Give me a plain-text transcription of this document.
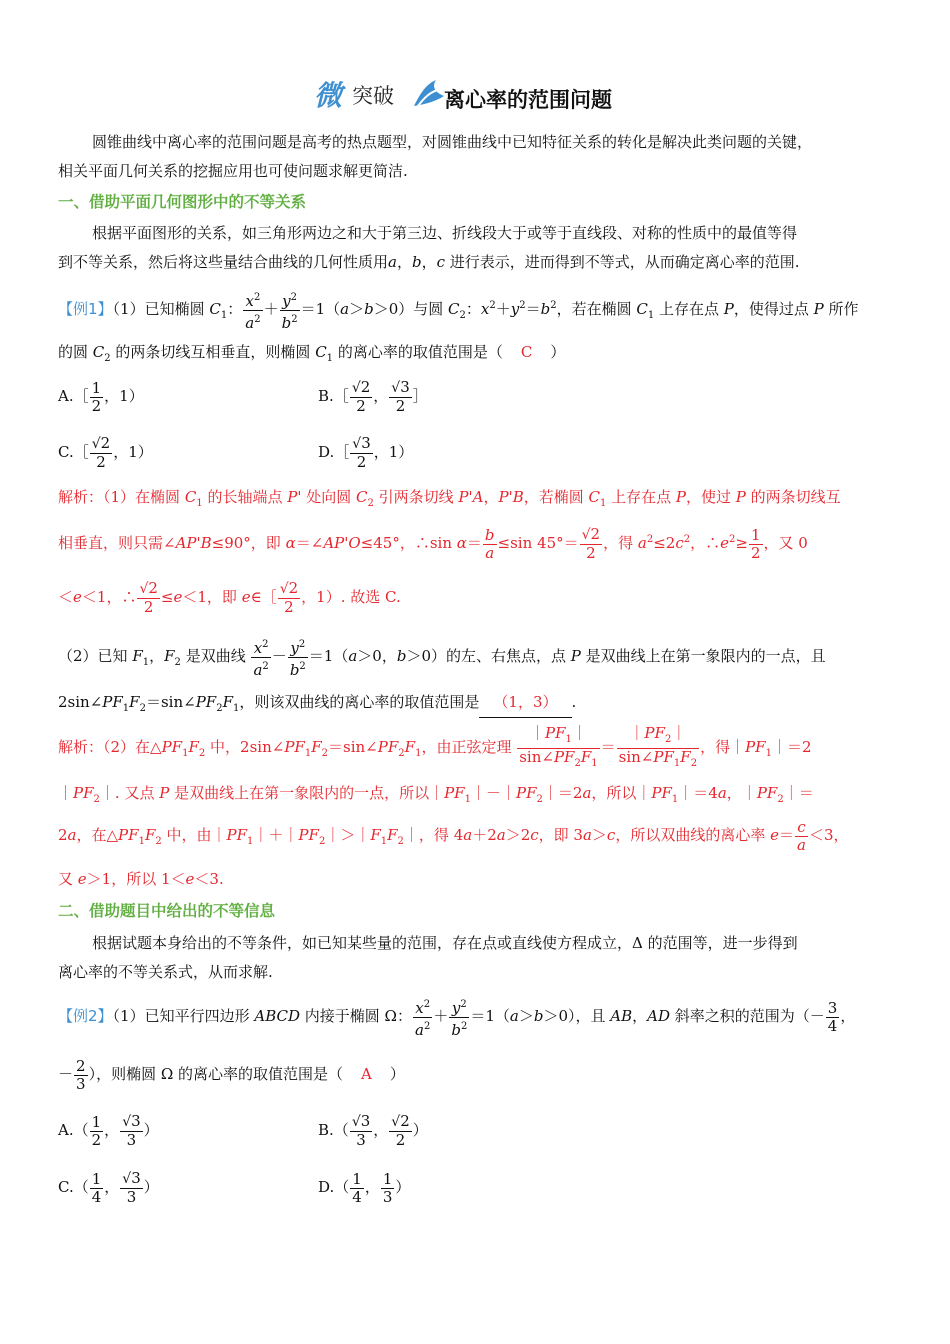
微 突破 离心率的范围问题
圆锥曲线中离心率的范围问题是高考的热点题型，对圆锥曲线中已知特征关系的转化是解决此类问题的关键，
相关平面几何关系的挖掘应用也可使问题求解更简洁.
一、借助平面几何图形中的不等关系
根据平面图形的关系，如三角形两边之和大于第三边、折线段大于或等于直线段、对称的性质中的最值等得
到不等关系，然后将这些量结合曲线的几何性质用a，b，c 进行表示，进而得到不等式，从而确定离心率的范围.
【例1】（1）已知椭圆 $C_1$： $\frac{x^2}{a^2} + \frac{y^2}{b^2} =1(a>b>0)$与圆 $C_2$：$x^2+y^2=b^2$，若在椭圆 $C_1$ 上存在点 P，使得过点 P 所作
的圆 $C_2$ 的两条切线互相垂直，则椭圆 $C_1$ 的离心率的取值范围是（ C ）
A.［ $\frac{1}{2}$ ，1）	B.［ $\frac{√2}{2}$ ， $\frac{√3}{2}$ ］
C.［ $\frac{√2}{2}$ ，1）	D.［ $\frac{√3}{2}$ ，1）
解析：（1）在椭圆 $C_1$ 的长轴端点 P' 处向圆 $C_2$ 引两条切线 P'A，P'B，若椭圆 $C_1$ 上存在点 P，使过 P 的两条切线互
相垂直，则只需∠AP'B≤90°，即 α＝∠AP'O≤45°，∴sin $\alpha= \frac{b}{a} \le\sin$ $45^\circ= \frac{√2}{2}$ ，得 $a^2\le 2c^2$，$\therefore e^2\ge \frac{1}{2}$ ，又 0
＜e＜1，∴ $\frac{√2}{2} \le e<1$，即 e∈［ $\frac{√2}{2}$ ，1）. 故选 C.
（2）已知 $F_1$，$F_2$ 是双曲线 $\frac{x^2}{a^2} - \frac{y^2}{b^2} =1(a>0$，b＞0）的左、右焦点，点 P 是双曲线上在第一象限内的一点，且
$2\sin\angle PF_1F_2=\sin\angle PF_2F_1$，则该双曲线的离心率的取值范围是 （1，3） .
解析：（2）在$\triangle PF_1F_2$ 中，$2\sin\angle PF_1F_2=\sin\angle PF_2F_1$，由正弦定理 $\frac{|PF_1|}{\sin\angle PF_2F_1} = \frac{|PF_2|}{\sin\angle PF_1F_2}$ ，得$|PF_1|=2$
$|PF_2|$. 又点 P 是双曲线上在第一象限内的一点，所以$|PF_1|-|PF_2|=2a$，所以$|PF_1|=4a$，$|PF_2|=$
2a，在$\triangle PF_1F_2$ 中，由$|PF_1|+|PF_2|>|F_1F_2|$，得 4a＋2a＞2c，即 3a＞c，所以双曲线的离心率 $e= \frac{c}{a} <3$，
又 e＞1，所以 1＜e＜3.
二、借助题目中给出的不等信息
根据试题本身给出的不等条件，如已知某些量的范围，存在点或直线使方程成立，Δ 的范围等，进一步得到
离心率的不等关系式，从而求解.
【例2】（1）已知平行四边形 ABCD 内接于椭圆 Ω： $\frac{x^2}{a^2} + \frac{y^2}{b^2} =1(a>b>0)$，且 AB，AD 斜率之积的范围为（－ $\frac{3}{4}$ ，
－ $\frac{2}{3}$ ），则椭圆 Ω 的离心率的取值范围是（ A ）
$A.( \frac{1}{2}$ ， $\frac{√3}{3}$ ）	$B.( \frac{√3}{3}$ ， $\frac{√2}{2}$ ）
$C.( \frac{1}{4}$ ， $\frac{√3}{3}$ ）	$D.( \frac{1}{4}$ ， $\frac{1}{3}$ ）
